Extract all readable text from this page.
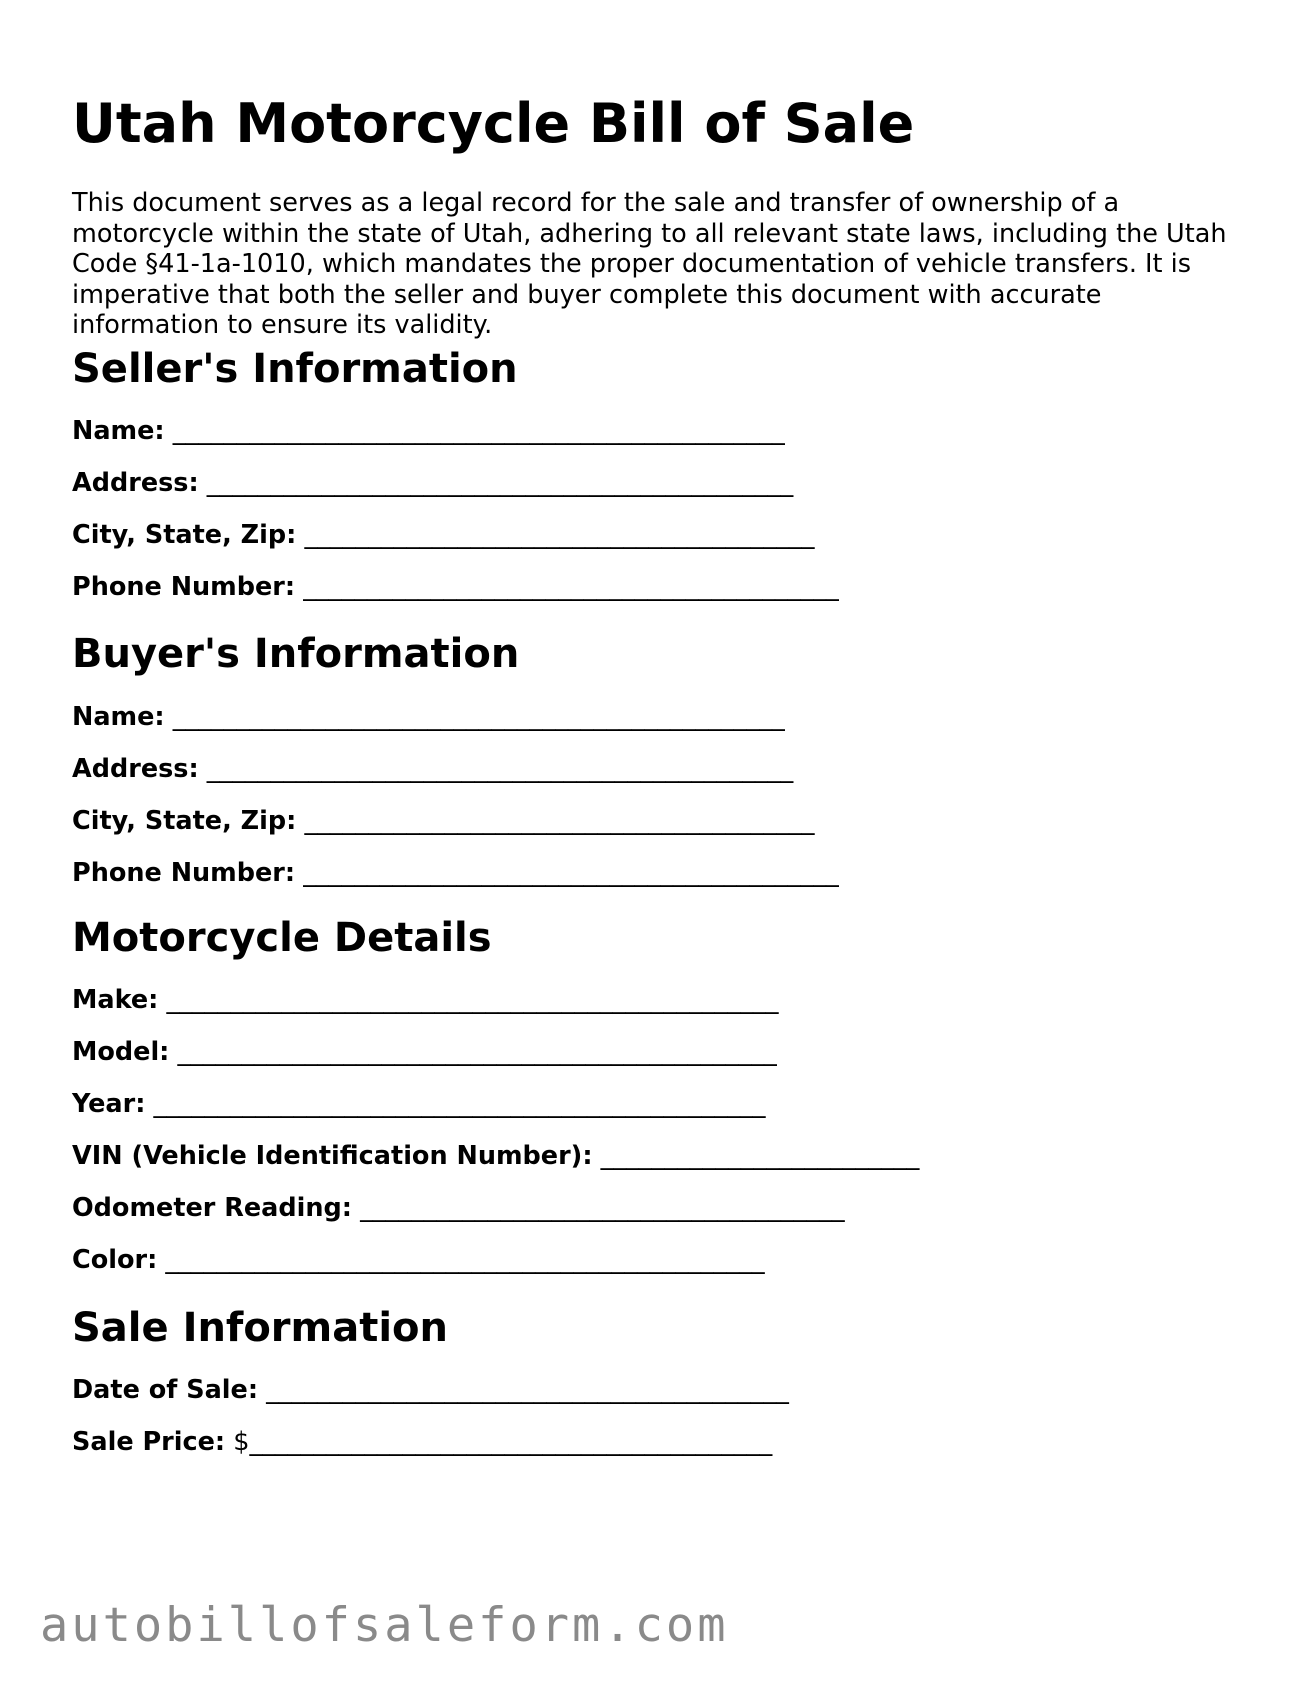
Utah Motorcycle Bill of Sale

This document serves as a legal record for the sale and transfer of ownership of a motorcycle within the state of Utah, adhering to all relevant state laws, including the Utah Code §41-1a-1010, which mandates the proper documentation of vehicle transfers. It is imperative that both the seller and buyer complete this document with accurate information to ensure its validity.

Seller's Information
Name: ________________________________________________
Address: ______________________________________________
City, State, Zip: ________________________________________
Phone Number: __________________________________________
Buyer's Information
Name: ________________________________________________
Address: ______________________________________________
City, State, Zip: ________________________________________
Phone Number: __________________________________________
Motorcycle Details
Make: ________________________________________________
Model: _______________________________________________
Year: ________________________________________________
VIN (Vehicle Identification Number): _________________________
Odometer Reading: ______________________________________
Color: _______________________________________________
Sale Information
Date of Sale: _________________________________________
Sale Price: $_________________________________________
autobillofsaleform.com
